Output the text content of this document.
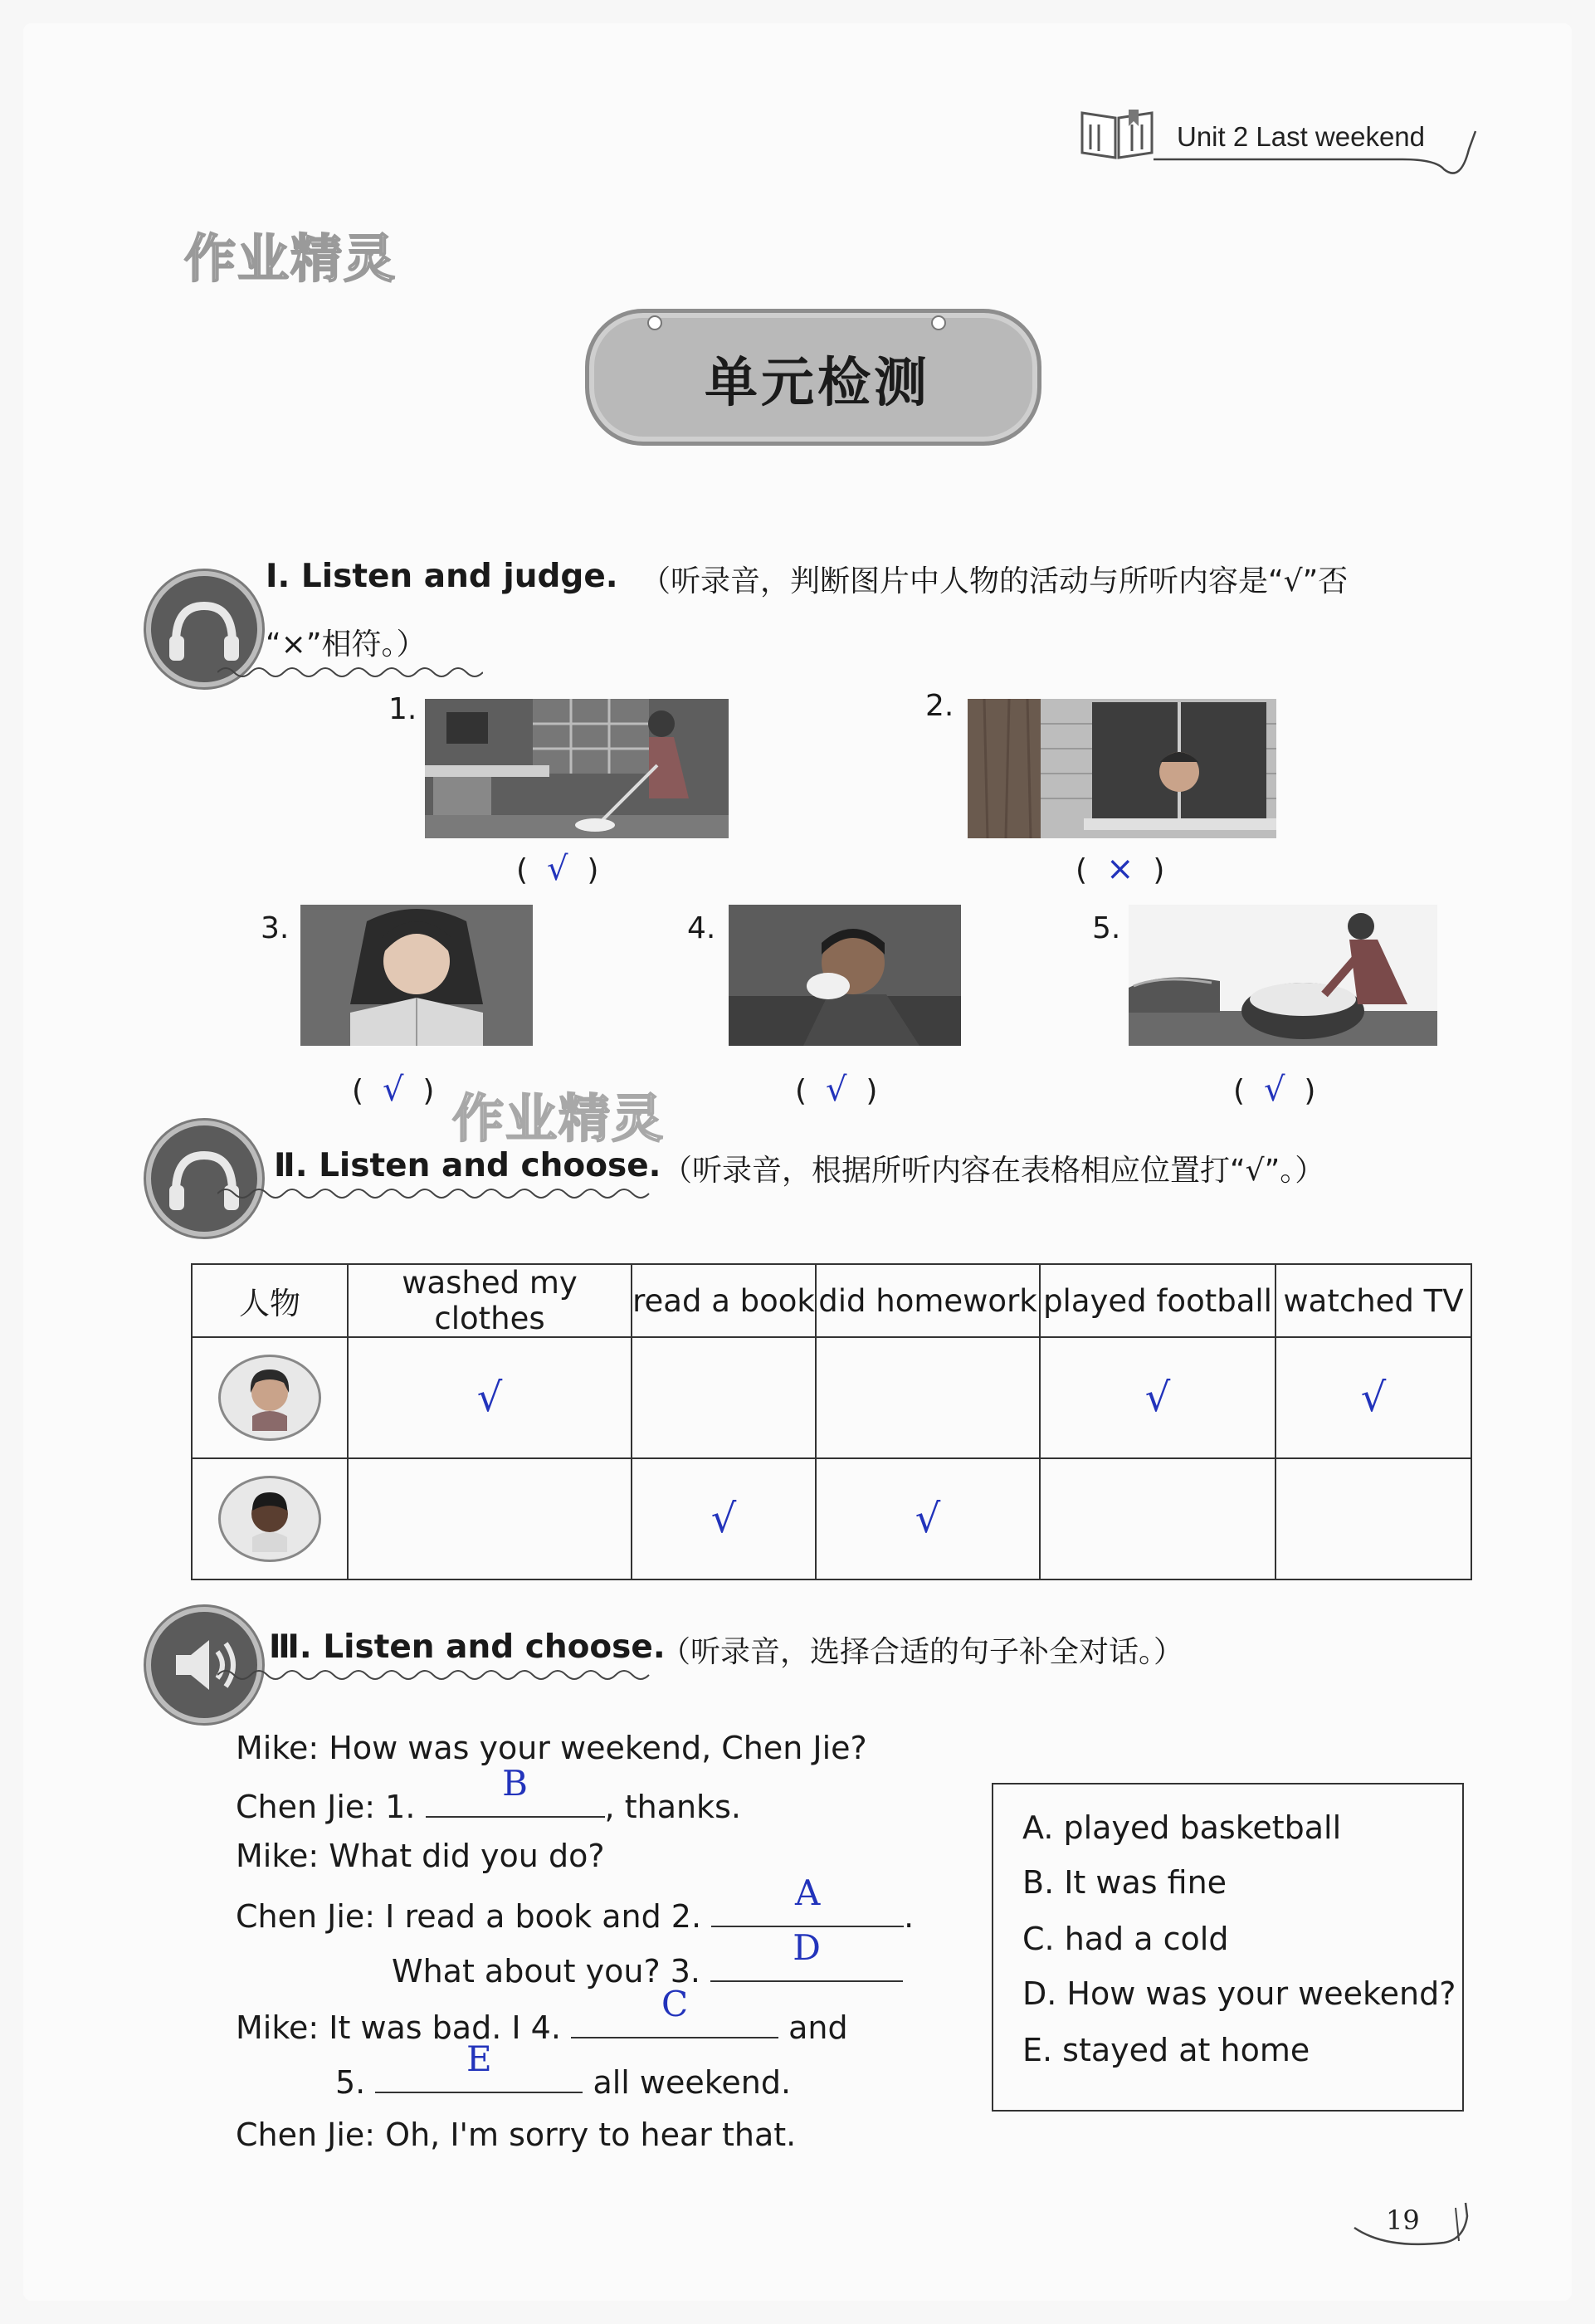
Unit 2 Last weekend
作业精灵
单元检测
Ⅰ. Listen and judge. （听录音，判断图片中人物的活动与所听内容是“√”否
“×”相符。）
1.
(  √  )
2.
(  ×  )
3.
(  √  )
4.
(  √  )
5.
(  √  )
作业精灵
Ⅱ. Listen and choose. （听录音，根据所听内容在表格相应位置打“√”。）
人物	washed my clothes	read a book	did homework	played football	watched TV

	√			√	√

		√	√		
Ⅲ. Listen and choose.
（听录音，选择合适的句子补全对话。）
Mike: How was your weekend, Chen Jie?
Chen Jie: 1.
B
, thanks.
Mike: What did you do?
Chen Jie: I read a book and 2.
A
.
What about you? 3.
D
Mike: It was bad. I 4.
C
and
5.
E
all weekend.
Chen Jie: Oh, I'm sorry to hear that.
A. played basketball
B. It was fine
C. had a cold
D. How was your weekend?
E. stayed at home
19
